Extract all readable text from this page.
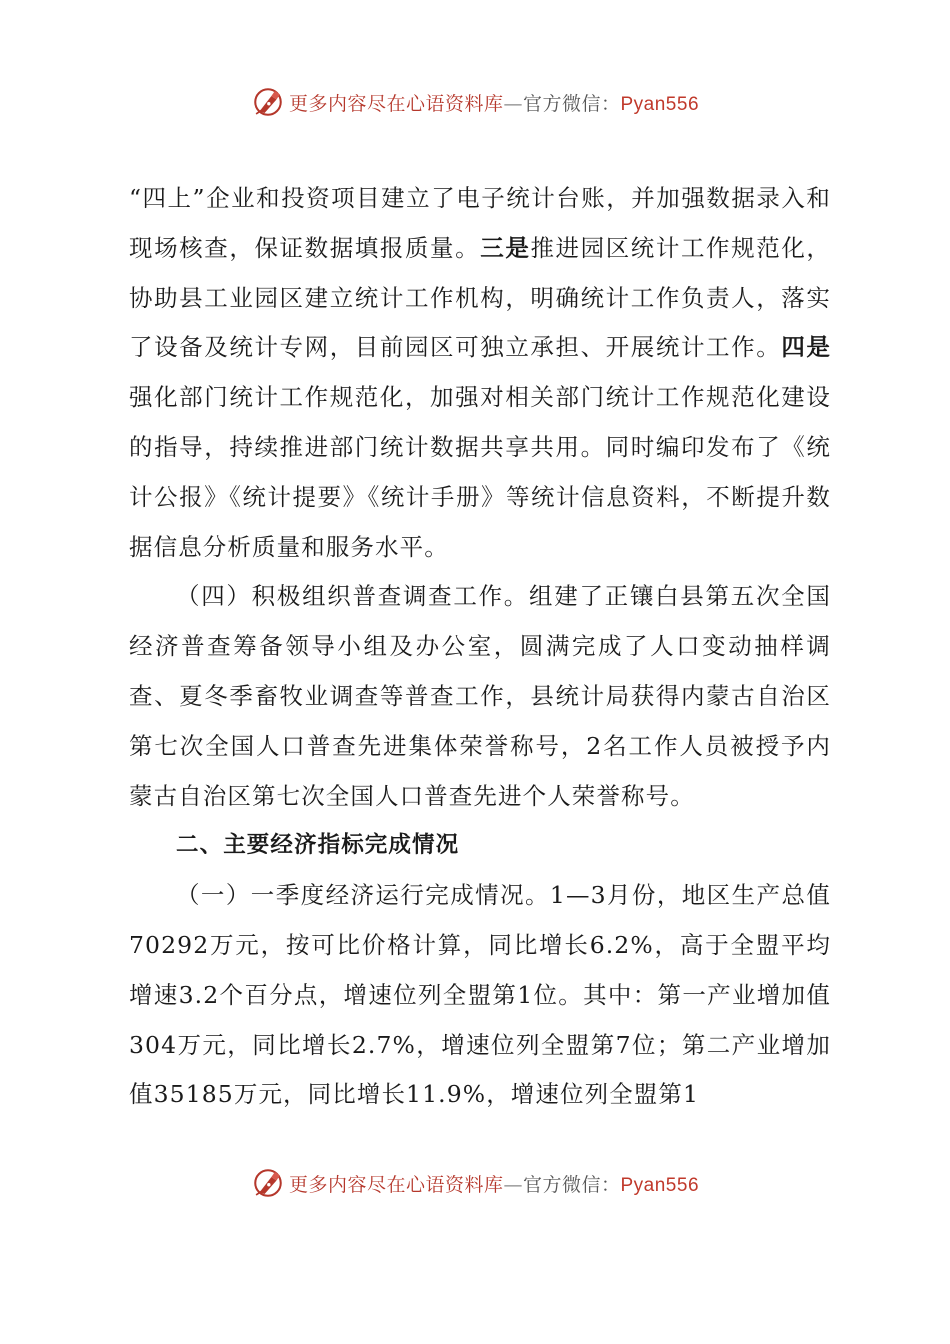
更多内容尽在心语资料库—官方微信：Pyan556

“四上”企业和投资项目建立了电子统计台账，并加强数据录入和现场核查，保证数据填报质量。三是推进园区统计工作规范化，协助县工业园区建立统计工作机构，明确统计工作负责人，落实了设备及统计专网，目前园区可独立承担、开展统计工作。四是强化部门统计工作规范化，加强对相关部门统计工作规范化建设的指导，持续推进部门统计数据共享共用。同时编印发布了《统计公报》《统计提要》《统计手册》等统计信息资料，不断提升数据信息分析质量和服务水平。

（四）积极组织普查调查工作。组建了正镶白县第五次全国经济普查筹备领导小组及办公室，圆满完成了人口变动抽样调查、夏冬季畜牧业调查等普查工作，县统计局获得内蒙古自治区第七次全国人口普查先进集体荣誉称号，2名工作人员被授予内蒙古自治区第七次全国人口普查先进个人荣誉称号。

二、主要经济指标完成情况

（一）一季度经济运行完成情况。1—3月份，地区生产总值70292万元，按可比价格计算，同比增长6.2%，高于全盟平均增速3.2个百分点，增速位列全盟第1位。其中：第一产业增加值304万元，同比增长2.7%，增速位列全盟第7位；第二产业增加值35185万元，同比增长11.9%，增速位列全盟第1

更多内容尽在心语资料库—官方微信：Pyan556
